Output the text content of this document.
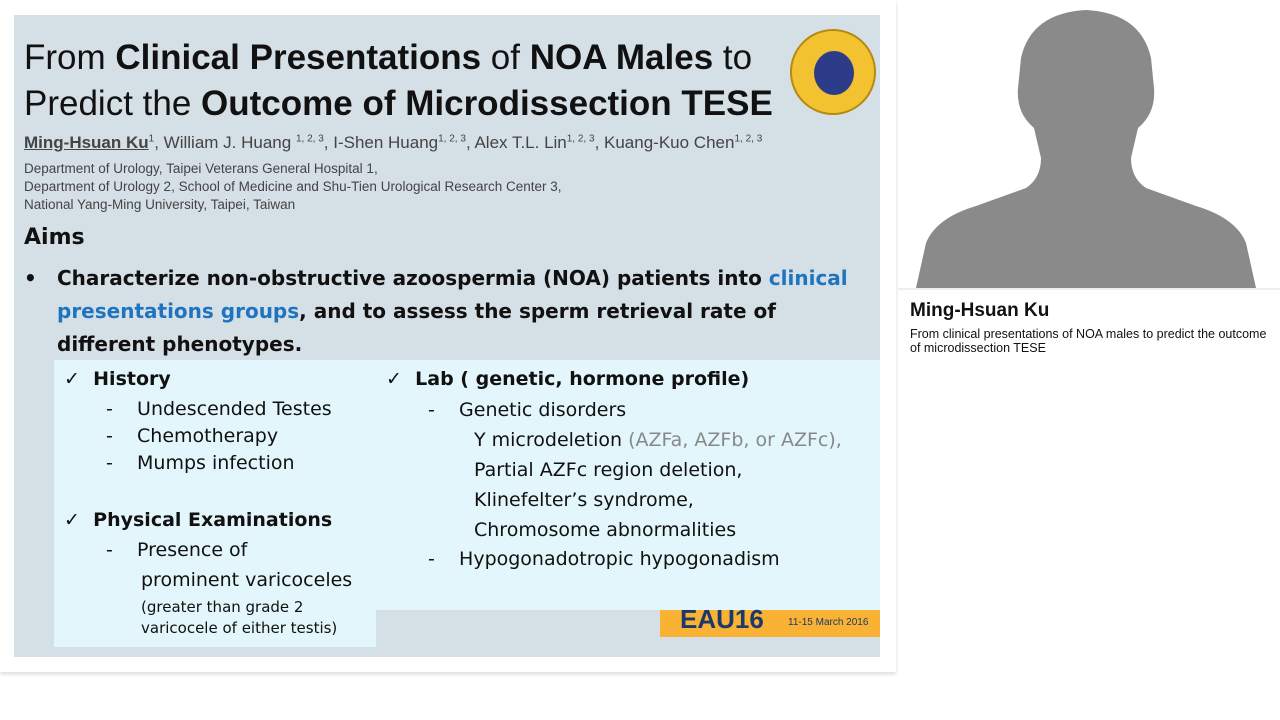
From Clinical Presentations of NOA Males to
Predict the Outcome of Microdissection TESE
Ming-Hsuan Ku$^1$, William J. Huang $^{1, 2, 3}$, I-Shen Huang$^{1, 2, 3}$, Alex T.L. Lin$^{1, 2, 3}$, Kuang-Kuo Chen$^{1, 2, 3}$
Department of Urology, Taipei Veterans General Hospital 1,
Department of Urology 2, School of Medicine and Shu-Tien Urological Research Center 3,
National Yang-Ming University, Taipei, Taiwan
Aims
• Characterize non-obstructive azoospermia (NOA) patients into clinical presentations groups, and to assess the sperm retrieval rate of different phenotypes.
EAU16 11-15 March 2016
✓ History
- Undescended Testes
- Chemotherapy
- Mumps infection
✓ Physical Examinations
- Presence of
prominent varicoceles
(greater than grade 2
varicocele of either testis)
✓ Lab ( genetic, hormone profile)
- Genetic disorders
Y microdeletion (AZFa, AZFb, or AZFc),
Partial AZFc region deletion,
Klinefelter’s syndrome,
Chromosome abnormalities
- Hypogonadotropic hypogonadism
Ming-Hsuan Ku
From clinical presentations of NOA males to predict the outcome of microdissection TESE
